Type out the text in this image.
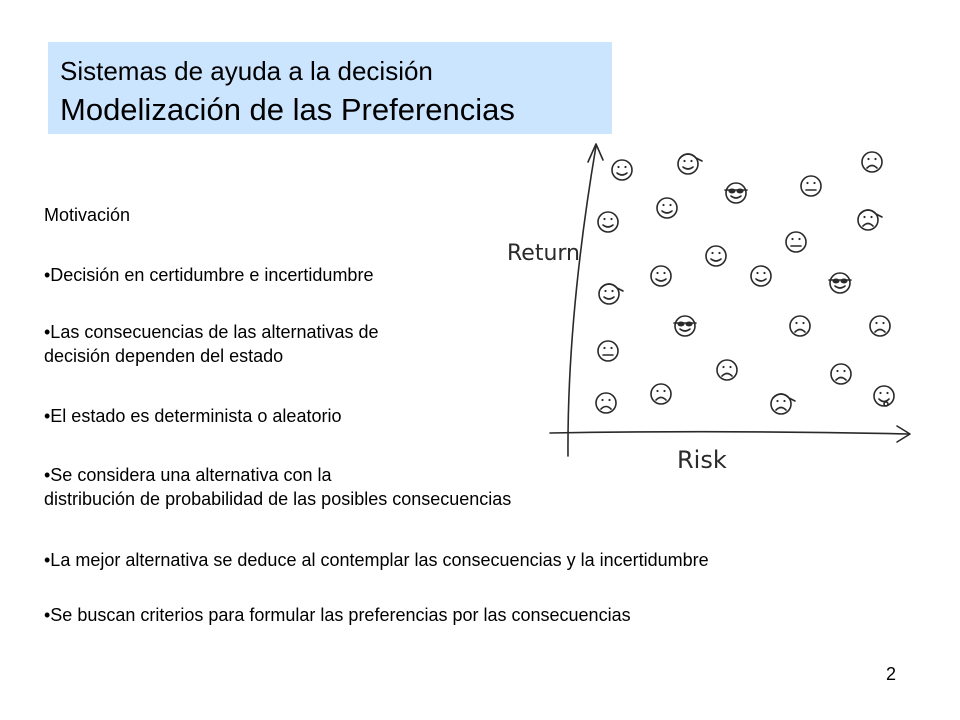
Sistemas de ayuda a la decisión
Modelización de las Preferencias

Motivación

•Decisión en certidumbre e incertidumbre

•Las consecuencias de las alternativas de

decisión dependen del estado

•El estado es determinista o aleatorio

•Se considera una alternativa con la

distribución de probabilidad de las posibles consecuencias

•La mejor alternativa se deduce al contemplar las consecuencias y la incertidumbre

•Se buscan criterios para formular las preferencias por las consecuencias

Return
Risk
2
